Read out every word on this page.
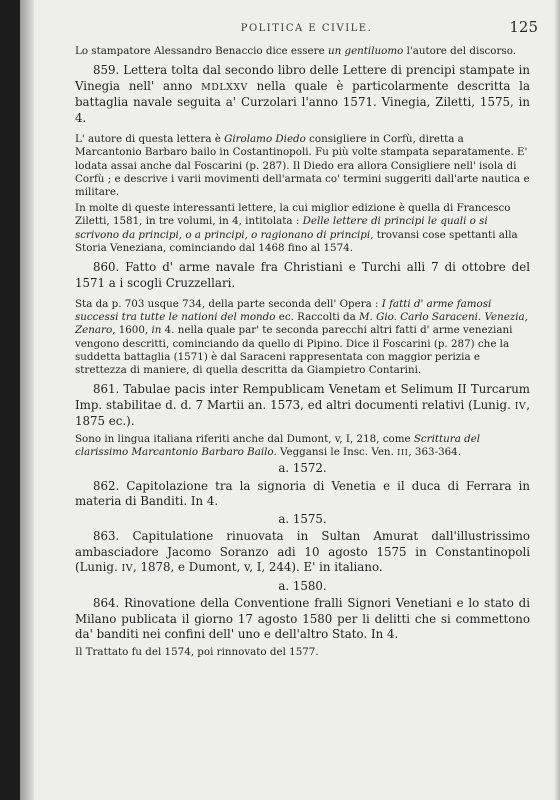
POLITICA E CIVILE.	125

Lo stampatore Alessandro Benaccio dice essere un gentiluomo l'autore del discorso.

859. Lettera tolta dal secondo libro delle Lettere di prencipi stampate in Vinegia nell' anno MDLXXV nella quale è particolarmente descritta la battaglia navale seguita a' Curzolari l'anno 1571. Vinegia, Ziletti, 1575, in 4.

L' autore di questa lettera è Girolamo Diedo consigliere in Corfù, diretta a Marcantonio Barbaro bailo in Costantinopoli. Fu più volte stampata separatamente. E' lodata assai anche dal Foscarini (p. 287). Il Diedo era allora Consigliere nell' isola di Corfù ; e descrive i varii movimenti dell'armata co' termini suggeriti dall'arte nautica e militare.

In molte di queste interessanti lettere, la cui miglior edizione è quella di Francesco Ziletti, 1581, in tre volumi, in 4, intitolata : Delle lettere di principi le quali o si scrivono da principi, o a principi, o ragionano di principi, trovansi cose spettanti alla Storia Veneziana, cominciando dal 1468 fino al 1574.

860. Fatto d' arme navale fra Christiani e Turchi alli 7 di ottobre del 1571 a i scogli Cruzzellari.

Sta da p. 703 usque 734, della parte seconda dell' Opera : I fatti d' arme famosi successi tra tutte le nationi del mondo ec. Raccolti da M. Gio. Carlo Saraceni. Venezia, Zenaro, 1600, in 4. nella quale par' te seconda parecchi altri fatti d' arme veneziani vengono descritti, cominciando da quello di Pipino. Dice il Foscarini (p. 287) che la suddetta battaglia (1571) è dal Saraceni rappresentata con maggior perizia e strettezza di maniere, di quella descritta da Giampietro Contarini.

861. Tabulae pacis inter Rempublicam Venetam et Selimum II Turcarum Imp. stabilitae d. d. 7 Martii an. 1573, ed altri documenti relativi (Lunig. IV, 1875 ec.).

Sono in lingua italiana riferiti anche dal Dumont, v, I, 218, come Scrittura del clarissimo Marcantonio Barbaro Bailo. Veggansi le Insc. Ven. III, 363-364.

a. 1572.

862. Capitolazione tra la signoria di Venetia e il duca di Ferrara in materia di Banditi. In 4.

a. 1575.

863. Capitulatione rinuovata in Sultan Amurat dall'illustrissimo ambasciadore Jacomo Soranzo adi 10 agosto 1575 in Constantinopoli (Lunig. IV, 1878, e Dumont, v, I, 244). E' in italiano.

a. 1580.

864. Rinovatione della Conventione fralli Signori Venetiani e lo stato di Milano publicata il giorno 17 agosto 1580 per li delitti che si commettono da' banditi nei confini dell' uno e dell'altro Stato. In 4.

Il Trattato fu del 1574, poi rinnovato del 1577.
